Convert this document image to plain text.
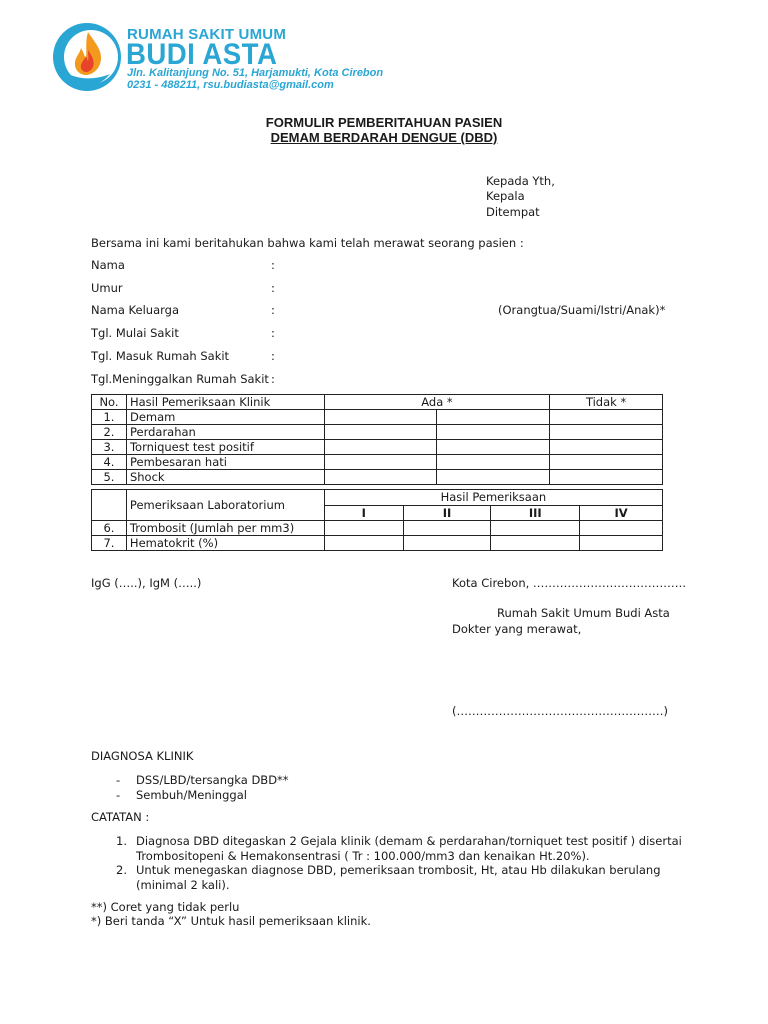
RUMAH SAKIT UMUM
BUDI ASTA
Jln. Kalitanjung No. 51, Harjamukti, Kota Cirebon
0231 - 488211, rsu.budiasta@gmail.com
FORMULIR PEMBERITAHUAN PASIEN
DEMAM BERDARAH DENGUE (DBD)
Kepada Yth,
Kepala
Ditempat
Bersama ini kami beritahukan bahwa kami telah merawat seorang pasien :
Nama	:
Umur	:
Nama Keluarga	:	(Orangtua/Suami/Istri/Anak)*
Tgl. Mulai Sakit	:
Tgl. Masuk Rumah Sakit	:
Tgl.Meninggalkan Rumah Sakit :
No.	Hasil Pemeriksaan Klinik	Ada *		Tidak *
1.	Demam			
2.	Perdarahan			
3.	Torniquest test positif			
4.	Pembesaran hati			
5.	Shock			
	Pemeriksaan Laboratorium	Hasil Pemeriksaan			
		I	II	III	IV
6.	Trombosit (Jumlah per mm3)				
7.	Hematokrit (%)				
IgG (…..), IgM (…..)	Kota Cirebon, ………………………………….
Rumah Sakit Umum Budi Asta
Dokter yang merawat,
(………………………………………………)
DIAGNOSA KLINIK
- DSS/LBD/tersangka DBD**
- Sembuh/Meninggal
CATATAN :
1. Diagnosa DBD ditegaskan 2 Gejala klinik (demam & perdarahan/torniquet test positif ) disertai
Trombositopeni & Hemakonsentrasi ( Tr : 100.000/mm3 dan kenaikan Ht.20%).
2. Untuk menegaskan diagnose DBD, pemeriksaan trombosit, Ht, atau Hb dilakukan berulang
(minimal 2 kali).
**) Coret yang tidak perlu
*) Beri tanda “X” Untuk hasil pemeriksaan klinik.
